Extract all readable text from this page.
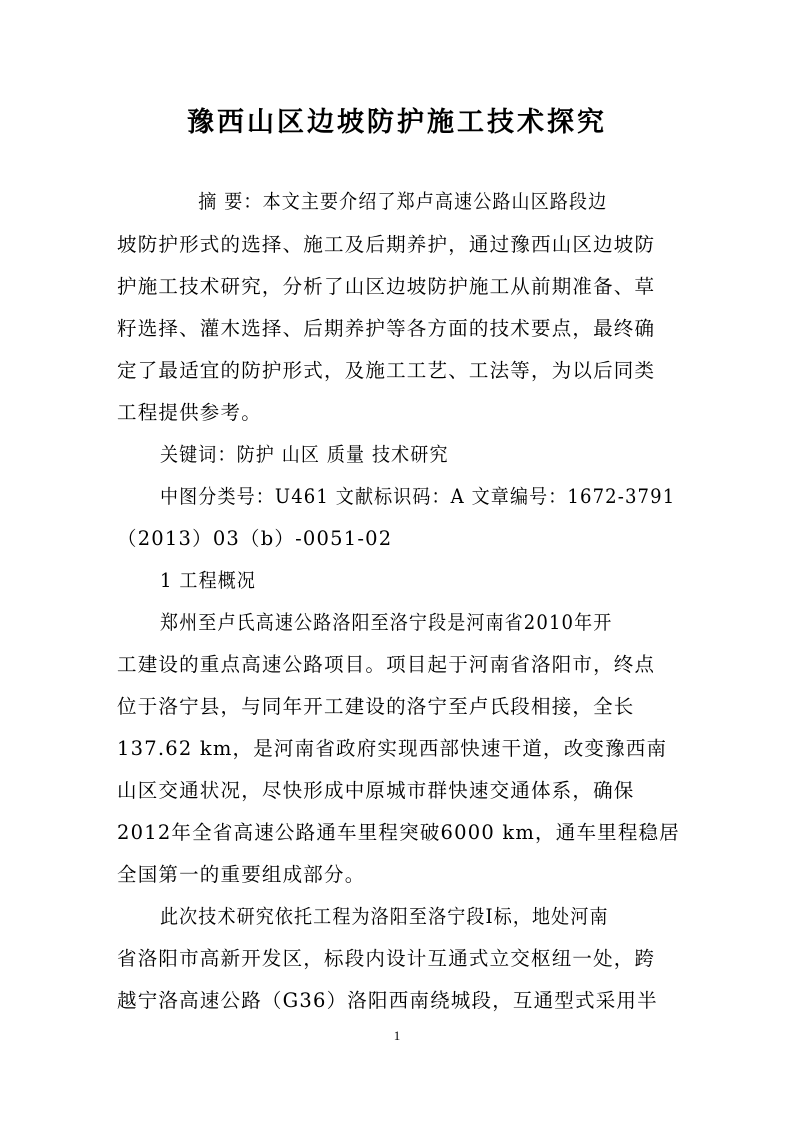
豫西山区边坡防护施工技术探究
　　摘 要：本文主要介绍了郑卢高速公路山区路段边
坡防护形式的选择、施工及后期养护，通过豫西山区边坡防
护施工技术研究，分析了山区边坡防护施工从前期准备、草
籽选择、灌木选择、后期养护等各方面的技术要点，最终确
定了最适宜的防护形式，及施工工艺、工法等，为以后同类
工程提供参考。
关键词：防护 山区 质量 技术研究
中图分类号：U461 文献标识码：A 文章编号：1672-3791
（2013）03（b）-0051-02
1 工程概况
郑州至卢氏高速公路洛阳至洛宁段是河南省2010年开
工建设的重点高速公路项目。项目起于河南省洛阳市，终点
位于洛宁县，与同年开工建设的洛宁至卢氏段相接，全长
137.62 km，是河南省政府实现西部快速干道，改变豫西南
山区交通状况，尽快形成中原城市群快速交通体系，确保
2012年全省高速公路通车里程突破6000 km，通车里程稳居
全国第一的重要组成部分。
此次技术研究依托工程为洛阳至洛宁段Ⅰ标，地处河南
省洛阳市高新开发区，标段内设计互通式立交枢纽一处，跨
越宁洛高速公路（G36）洛阳西南绕城段，互通型式采用半
1
